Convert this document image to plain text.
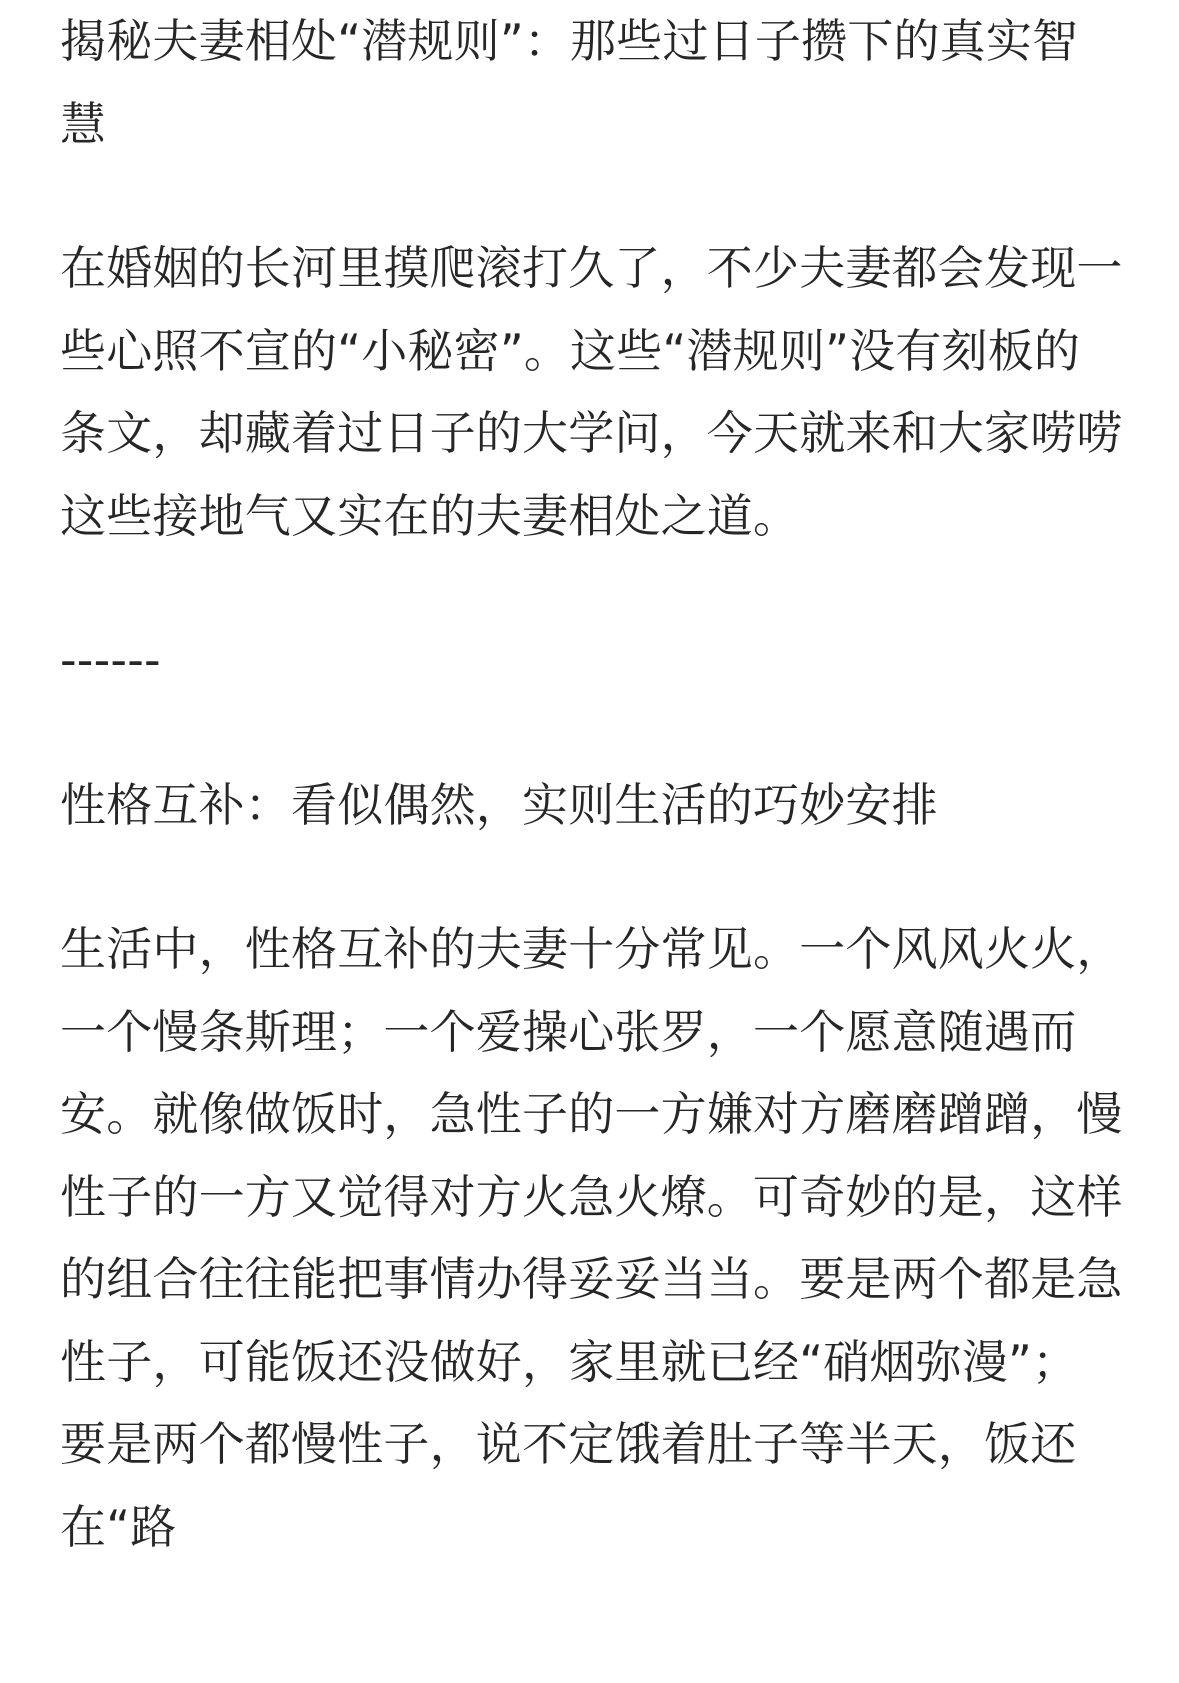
揭秘夫妻相处“潜规则”：那些过日子攒下的真实智慧

在婚姻的长河里摸爬滚打久了，不少夫妻都会发现一些心照不宣的“小秘密”。这些“潜规则”没有刻板的条文，却藏着过日子的大学问，今天就来和大家唠唠这些接地气又实在的夫妻相处之道。

------

性格互补：看似偶然，实则生活的巧妙安排

生活中，性格互补的夫妻十分常见。一个风风火火，一个慢条斯理；一个爱操心张罗，一个愿意随遇而安。就像做饭时，急性子的一方嫌对方磨磨蹭蹭，慢性子的一方又觉得对方火急火燎。可奇妙的是，这样的组合往往能把事情办得妥妥当当。要是两个都是急性子，可能饭还没做好，家里就已经“硝烟弥漫”；要是两个都慢性子，说不定饿着肚子等半天，饭还在“路
